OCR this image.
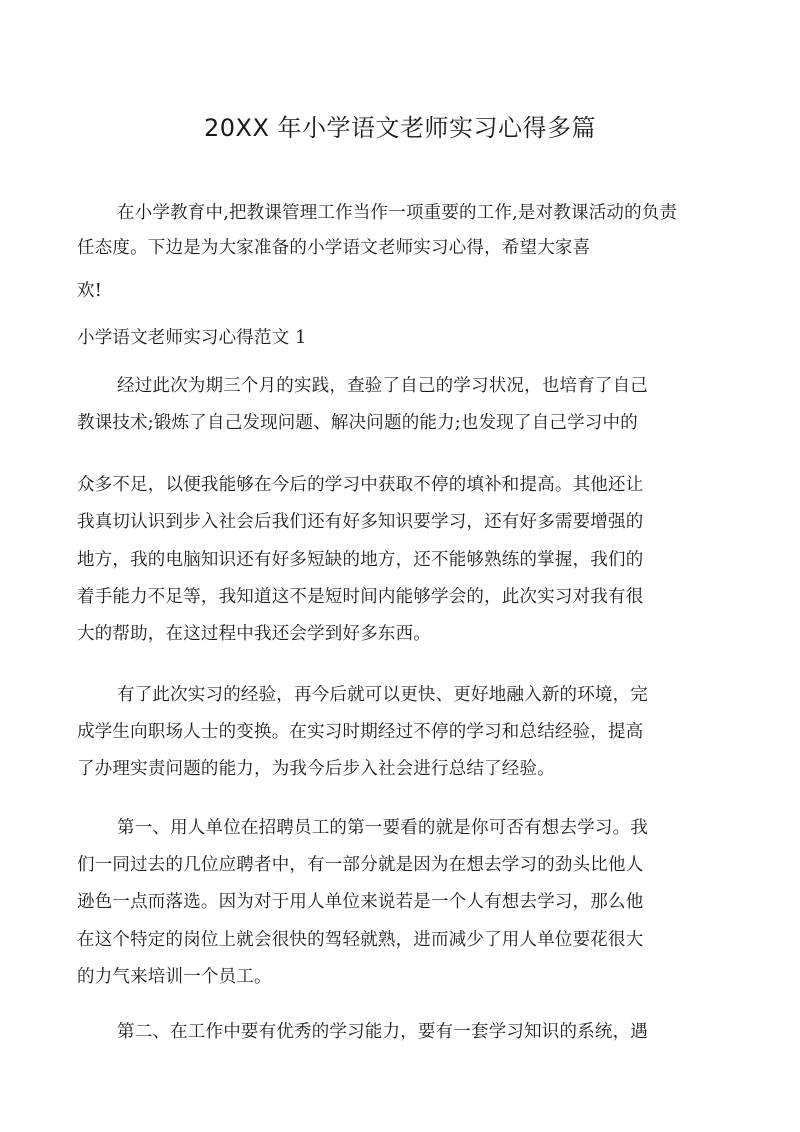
20XX 年小学语文老师实习心得多篇
在小学教育中,把教课管理工作当作一项重要的工作,是对教课活动的负责
任态度。下边是为大家准备的小学语文老师实习心得，希望大家喜
欢!
小学语文老师实习心得范文 1
经过此次为期三个月的实践，查验了自己的学习状况，也培育了自己
教课技术;锻炼了自己发现问题、解决问题的能力;也发现了自己学习中的
众多不足，以便我能够在今后的学习中获取不停的填补和提高。其他还让
我真切认识到步入社会后我们还有好多知识要学习，还有好多需要增强的
地方，我的电脑知识还有好多短缺的地方，还不能够熟练的掌握，我们的
着手能力不足等，我知道这不是短时间内能够学会的，此次实习对我有很
大的帮助，在这过程中我还会学到好多东西。
有了此次实习的经验，再今后就可以更快、更好地融入新的环境，完
成学生向职场人士的变换。在实习时期经过不停的学习和总结经验，提高
了办理实责问题的能力，为我今后步入社会进行总结了经验。
第一、用人单位在招聘员工的第一要看的就是你可否有想去学习。我
们一同过去的几位应聘者中，有一部分就是因为在想去学习的劲头比他人
逊色一点而落选。因为对于用人单位来说若是一个人有想去学习，那么他
在这个特定的岗位上就会很快的驾轻就熟，进而减少了用人单位要花很大
的力气来培训一个员工。
第二、在工作中要有优秀的学习能力，要有一套学习知识的系统，遇
